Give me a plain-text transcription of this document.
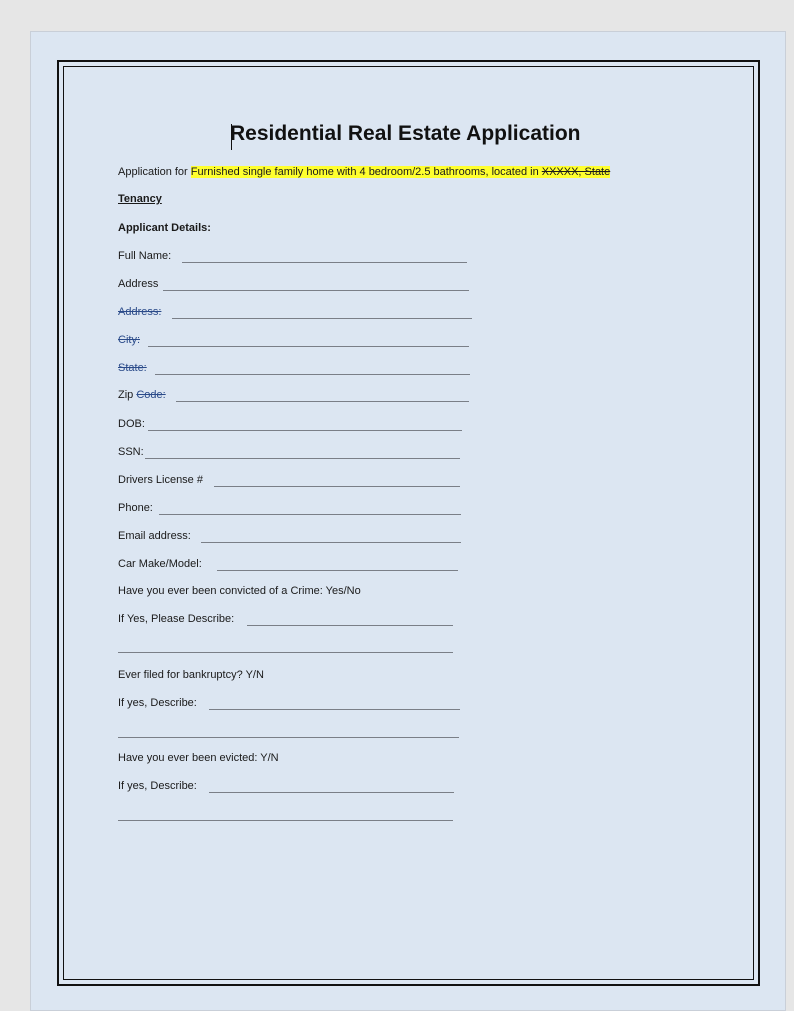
Residential Real Estate Application
Application for Furnished single family home with 4 bedroom/2.5 bathrooms, located in XXXXX, State
Tenancy
Applicant Details:
Full Name:
Address
Address:
City:
State:
Zip Code:
DOB:
SSN:
Drivers License #
Phone:
Email address:
Car Make/Model:
Have you ever been convicted of a Crime: Yes/No
If Yes, Please Describe:
Ever filed for bankruptcy? Y/N
If yes, Describe:
Have you ever been evicted: Y/N
If yes, Describe:
